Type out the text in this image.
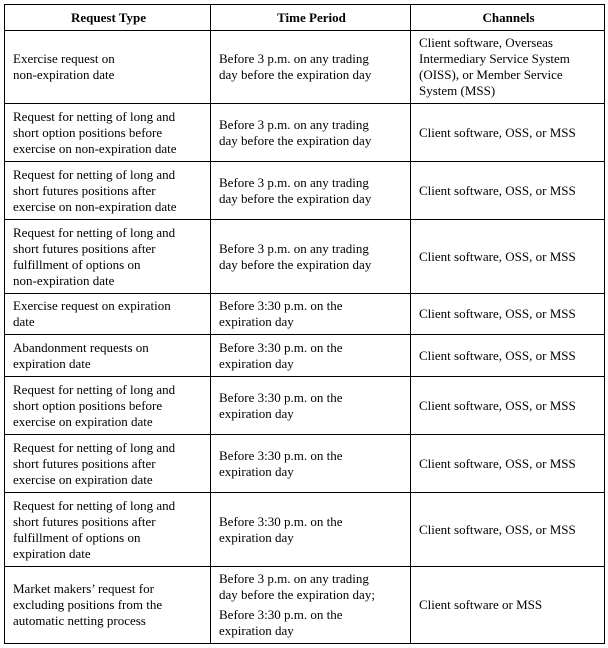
Request Type	Time Period	Channels

Exercise request on
non-expiration date	Before 3 p.m. on any trading
day before the expiration day	Client software, Overseas
Intermediary Service System
(OISS), or Member Service
System (MSS)

Request for netting of long and
short option positions before
exercise on non-expiration date	Before 3 p.m. on any trading
day before the expiration day	Client software, OSS, or MSS

Request for netting of long and
short futures positions after
exercise on non-expiration date	Before 3 p.m. on any trading
day before the expiration day	Client software, OSS, or MSS

Request for netting of long and
short futures positions after
fulfillment of options on
non-expiration date	Before 3 p.m. on any trading
day before the expiration day	Client software, OSS, or MSS

Exercise request on expiration
date	Before 3:30 p.m. on the
expiration day	Client software, OSS, or MSS

Abandonment requests on
expiration date	Before 3:30 p.m. on the
expiration day	Client software, OSS, or MSS

Request for netting of long and
short option positions before
exercise on expiration date	Before 3:30 p.m. on the
expiration day	Client software, OSS, or MSS

Request for netting of long and
short futures positions after
exercise on expiration date	Before 3:30 p.m. on the
expiration day	Client software, OSS, or MSS

Request for netting of long and
short futures positions after
fulfillment of options on
expiration date	Before 3:30 p.m. on the
expiration day	Client software, OSS, or MSS

Market makers’ request for
excluding positions from the
automatic netting process	Before 3 p.m. on any trading
day before the expiration day;
Before 3:30 p.m. on the
expiration day	Client software or MSS
